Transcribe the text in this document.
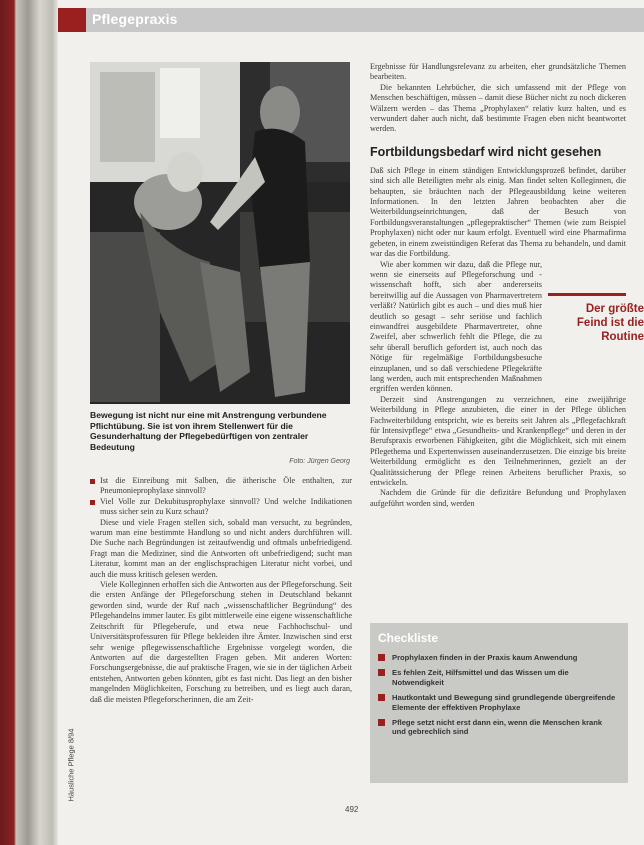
Pflegepraxis
Bewegung ist nicht nur eine mit Anstrengung verbundene Pflichtübung. Sie ist von ihrem Stellenwert für die Gesunderhaltung der Pflegebedürftigen von zentraler Bedeutung
Foto: Jürgen Georg

Ist die Einreibung mit Salben, die ätherische Öle enthalten, zur Pneumonieprophylaxe sinnvoll?

Viel Volle zur Dekubitusprophylaxe sinnvoll? Und welche Indikationen muss sicher sein zu Kurz schaut?

Diese und viele Fragen stellen sich, sobald man versucht, zu begründen, warum man eine bestimmte Handlung so und nicht anders durchführen will. Die Suche nach Begründungen ist zeitaufwendig und oftmals unbefriedigend. Fragt man die Mediziner, sind die Antworten oft unbefriedigend; sucht man Literatur, kommt man an der englischsprachigen Literatur nicht vorbei, und auch die muss kritisch gelesen werden.

Viele Kolleginnen erhoffen sich die Antworten aus der Pflegeforschung. Seit die ersten Anfänge der Pflegeforschung stehen in Deutschland bekannt geworden sind, wurde der Ruf nach „wissenschaftlicher Begründung“ des Pflegehandelns immer lauter. Es gibt mittlerweile eine eigene wissenschaftliche Zeitschrift für Pflegeberufe, und etwa neue Fachhochschul- und Universitätsprofessuren für Pflege bekleiden ihre Ämter. Inzwischen sind erst sehr wenige pflegewissenschaftliche Ergebnisse vorgelegt worden, die Antworten auf die dargestellten Fragen geben. Mit anderen Worten: Forschungsergebnisse, die auf praktische Fragen, wie sie in der täglichen Arbeit entstehen, Antworten geben könnten, gibt es fast nicht. Das liegt an den bisher mangelnden Möglichkeiten, Forschung zu betreiben, und es liegt auch daran, daß die meisten Pflegeforscherinnen, die am Zeit-

Ergebnisse für Handlungsrelevanz zu arbeiten, eher grundsätzliche Themen bearbeiten.

Die bekannten Lehrbücher, die sich umfassend mit der Pflege von Menschen beschäftigen, müssen – damit diese Bücher nicht zu noch dickeren Wälzern werden – das Thema „Prophylaxen“ relativ kurz halten, und es verwundert daher auch nicht, daß bestimmte Fragen eben nicht beantwortet werden.

Fortbildungsbedarf wird nicht gesehen

Daß sich Pflege in einem ständigen Entwicklungsprozeß befindet, darüber sind sich alle Beteiligten mehr als einig. Man findet selten Kolleginnen, die behaupten, sie bräuchten nach der Pflegeausbildung keine weiteren Informationen. In den letzten Jahren beobachten aber die Weiterbildungseinrichtungen, daß der Besuch von Fortbildungsveranstaltungen „pflegepraktischer“ Themen (wie zum Beispiel Prophylaxen) nicht oder nur kaum erfolgt. Eventuell wird eine Pharmafirma gebeten, in einem zweistündigen Referat das Thema zu behandeln, und damit war das die Fortbildung.

Wie aber kommen wir dazu, daß die Pflege nur, wenn sie einerseits auf Pflegeforschung und -wissenschaft hofft, sich aber andererseits bereitwillig auf die Aussagen von Pharmavertretern verläßt? Natürlich gibt es auch – und dies muß hier deutlich so gesagt – sehr seriöse und fachlich einwandfrei ausgebildete Pharmavertreter, ohne Zweifel, aber schwerlich fehlt die Pflege, die zu sehr überall beruflich gefordert ist, auch noch das Nötige für regelmäßige Fortbildungsbesuche einzuplanen, und so daß verschiedene Pflegekräfte lang werden, auch mit entsprechenden Maßnahmen ergriffen werden können.

Derzeit sind Anstrengungen zu verzeichnen, eine zweijährige Weiterbildung in Pflege anzubieten, die einer in der Pflege üblichen Fachweiterbildung entspricht, wie es bereits seit Jahren als „Pflegefachkraft für Intensivpflege“ etwa „Gesundheits- und Krankenpflege“ und deren in der Berufspraxis erworbenen Fähigkeiten, gibt die Möglichkeit, sich mit einem Pflegethema und Expertenwissen auseinanderzusetzen. Die einzige bis breite Weiterbildung ermöglicht es den Teilnehmerinnen, gezielt an der Qualitätssicherung der Pflege reinen Arbeitens beruflicher Praxis, so entwickeln.

Nachdem die Gründe für die defizitäre Befundung und Prophylaxen aufgeführt worden sind, werden

Der größte
Feind ist die
Routine
Checkliste
Prophylaxen finden in der Praxis kaum Anwendung
Es fehlen Zeit, Hilfsmittel und das Wissen um die Notwendigkeit
Hautkontakt und Bewegung sind grundlegende übergreifende Elemente der effektiven Prophylaxe
Pflege setzt nicht erst dann ein, wenn die Menschen krank und gebrechlich sind
Häusliche Pflege 8/94
492
